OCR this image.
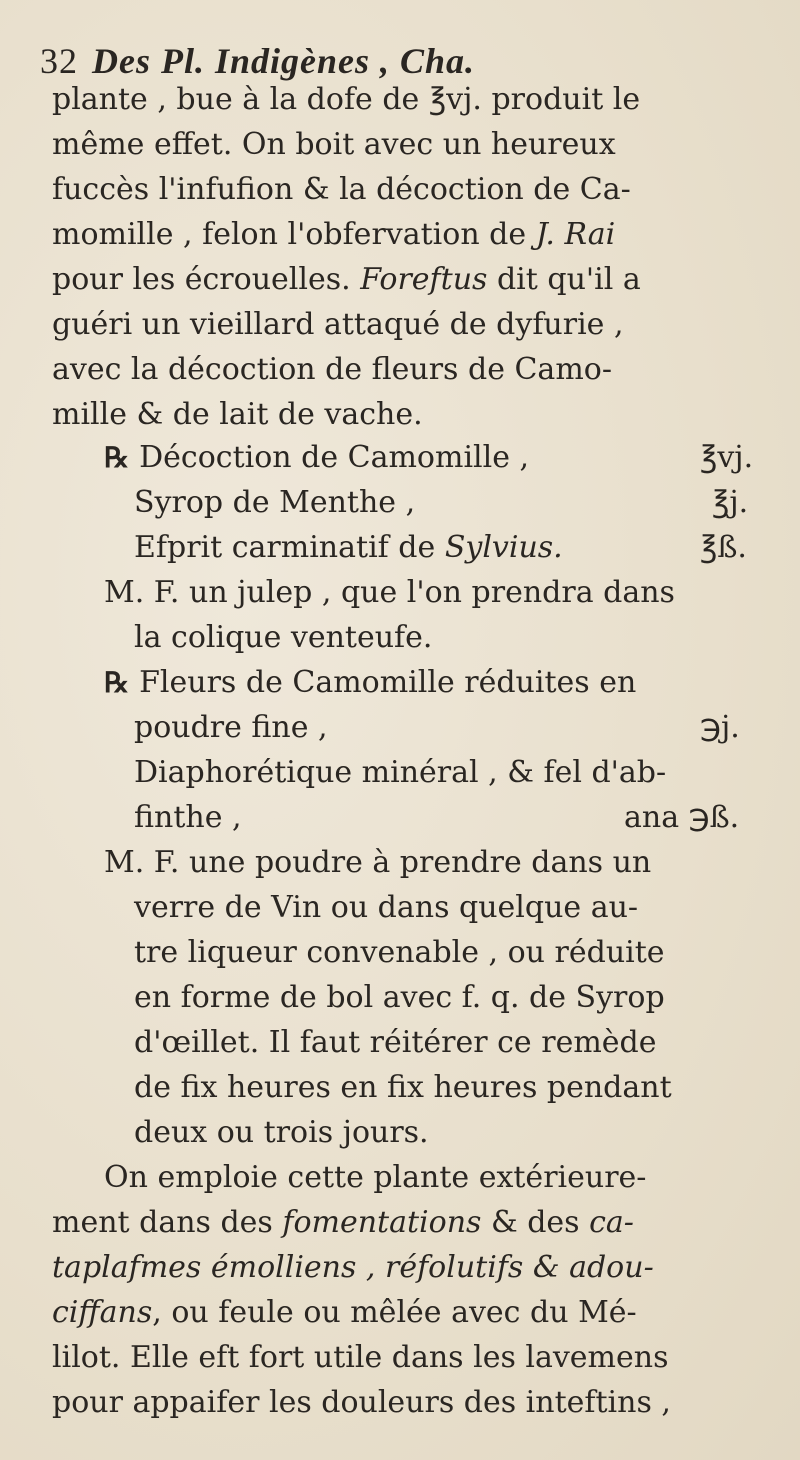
32 Des Pl. Indigènes , Cha.
plante , bue à la dofe de ℥vj. produit le
même effet. On boit avec un heureux
fuccès l'infufion & la décoction de Ca-
momille , felon l'obfervation de J. Rai
pour les écrouelles. Foreftus dit qu'il a
guéri un vieillard attaqué de dyfurie ,
avec la décoction de fleurs de Camo-
mille & de lait de vache.
℞ Décoction de Camomille ,	℥vj.
Syrop de Menthe ,	℥j.
Efprit carminatif de Sylvius.	℥ß.
M. F. un julep , que l'on prendra dans
la colique venteufe.
℞ Fleurs de Camomille réduites en
poudre fine ,	℈j.
Diaphorétique minéral , & fel d'ab-
finthe ,	ana ℈ß.
M. F. une poudre à prendre dans un
verre de Vin ou dans quelque au-
tre liqueur convenable , ou réduite
en forme de bol avec f. q. de Syrop
d'œillet. Il faut réitérer ce remède
de fix heures en fix heures pendant
deux ou trois jours.
On emploie cette plante extérieure-
ment dans des fomentations & des ca-
taplafmes émolliens , réfolutifs & adou-
ciffans, ou feule ou mêlée avec du Mé-
lilot. Elle eft fort utile dans les lavemens
pour appaifer les douleurs des inteftins ,
